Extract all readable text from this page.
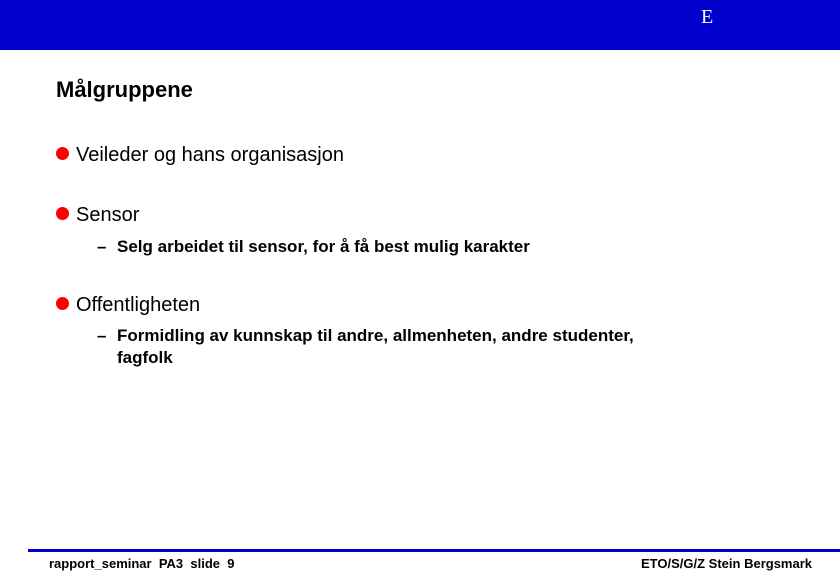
E
Målgruppene
Veileder og hans organisasjon
Sensor
– Selg arbeidet til sensor, for å få best mulig karakter
Offentligheten
– Formidling av kunnskap til andre, allmenheten, andre studenter,
fagfolk
rapport_seminar  PA3  slide  9	ETO/S/G/Z Stein Bergsmark
